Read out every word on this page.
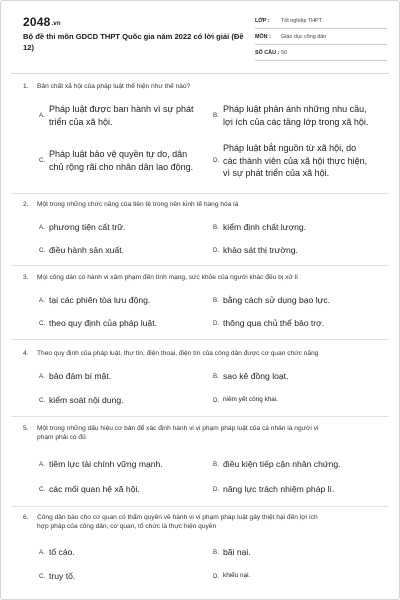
2048.vn
Bộ đề thi môn GDCD THPT Quốc gia năm 2022 có lời giải (Đề 12)
LỚP :	Tốt nghiệp THPT
MÔN :	Giáo dục công dân
SỐ CÂU : 50
1.	Bản chất xã hội của pháp luật thể hiện như thế nào?
A.
Pháp luật được ban hành vì sự phát
triển của xã hội.
B.
Pháp luật phản ánh những nhu cầu,
lợi ích của các tầng lớp trong xã hội.
C.
Pháp luật bảo vệ quyền tự do, dân
chủ rộng rãi cho nhân dân lao động.
D.
Pháp luật bắt nguồn từ xã hội, do
các thành viên của xã hội thực hiện,
vì sự phát triển của xã hội.
2.	Một trong những chức năng của tiền tệ trong nền kinh tế hàng hóa là
A. phương tiện cất trữ.	B. kiểm định chất lượng.
C. điều hành sản xuất.	D. khảo sát thị trường.
3.	Mọi công dân có hành vi xâm phạm đến tính mạng, sức khỏe của người khác đều bị xử lí
A. tại các phiên tòa lưu động.	B. bằng cách sử dụng bạo lực.
C. theo quy định của pháp luật.	D. thông qua chủ thể bảo trợ.
4.	Theo quy định của pháp luật, thư tín, điện thoại, điện tín của công dân được cơ quan chức năng
A. bảo đảm bí mật.	B. sao kê đồng loạt.
C. kiểm soát nội dung.	D. niêm yết công khai.
5.	Một trong những dấu hiệu cơ bản để xác định hành vi vi phạm pháp luật của cá nhân là người vi
phạm phải có đủ
A. tiềm lực tài chính vững mạnh.	B. điều kiện tiếp cận nhân chứng.
C. các mối quan hệ xã hội.	D. năng lực trách nhiệm pháp lí.
6.	Công dân báo cho cơ quan có thẩm quyền về hành vi vi phạm pháp luật gây thiệt hại đến lợi ích
hợp pháp của công dân, cơ quan, tổ chức là thực hiện quyền
A. tố cáo.	B. bãi nại.
C. truy tố.	D. khiếu nại.
